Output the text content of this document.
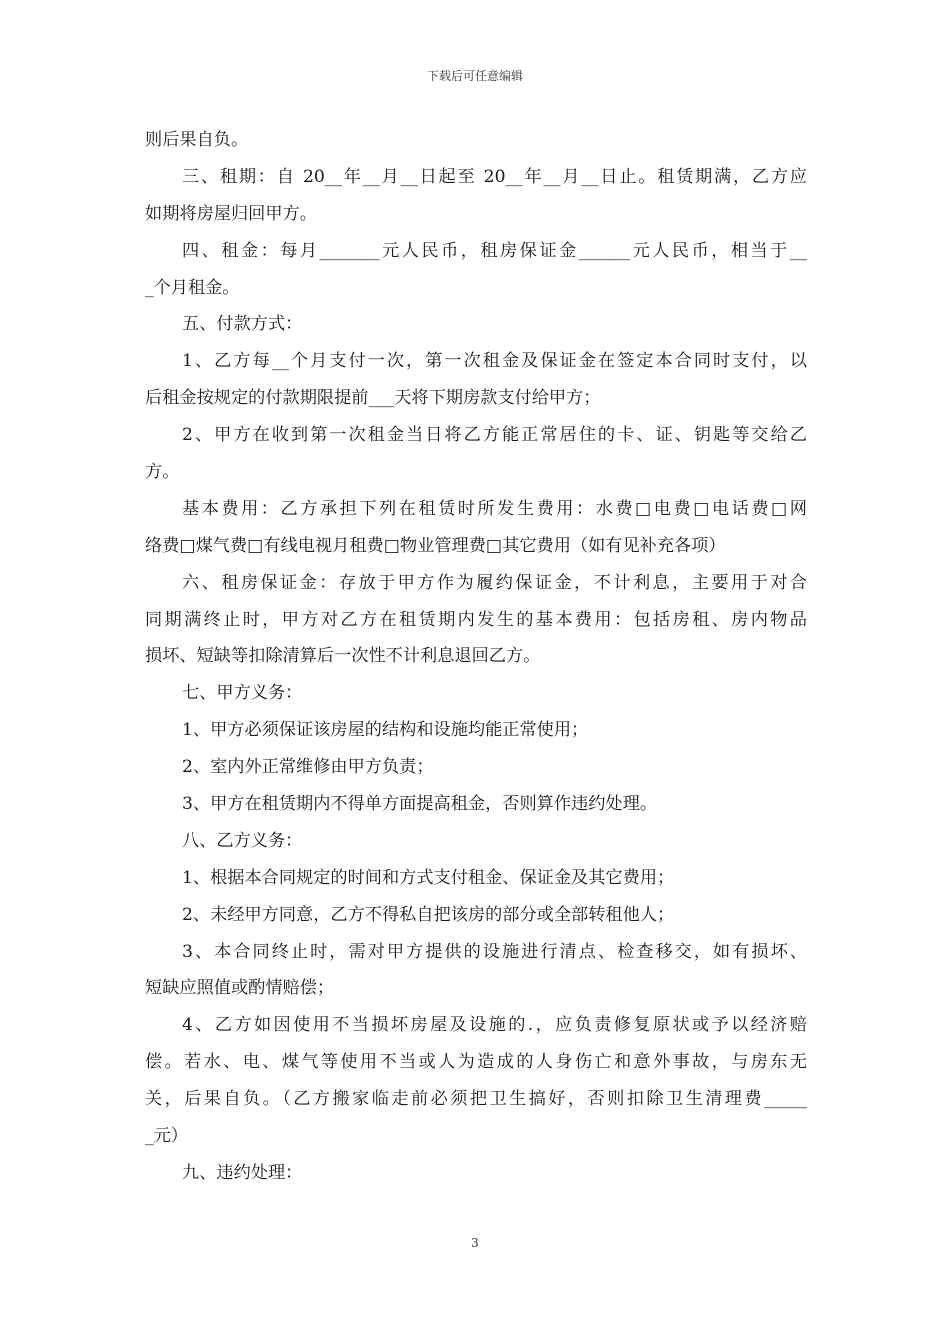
下载后可任意编辑
则后果自负。
三、租期：自 20__年__月__日起至 20__年__月__日止。租赁期满，乙方应
如期将房屋归回甲方。
四、租金：每月_______元人民币，租房保证金______元人民币，相当于__
_个月租金。
五、付款方式：
1、乙方每__个月支付一次，第一次租金及保证金在签定本合同时支付，以
后租金按规定的付款期限提前___天将下期房款支付给甲方；
2、甲方在收到第一次租金当日将乙方能正常居住的卡、证、钥匙等交给乙
方。
基本费用：乙方承担下列在租赁时所发生费用：水费□电费□电话费□网
络费□煤气费□有线电视月租费□物业管理费□其它费用（如有见补充各项）
六、租房保证金：存放于甲方作为履约保证金，不计利息，主要用于对合
同期满终止时，甲方对乙方在租赁期内发生的基本费用：包括房租、房内物品
损坏、短缺等扣除清算后一次性不计利息退回乙方。
七、甲方义务：
1、甲方必须保证该房屋的结构和设施均能正常使用；
2、室内外正常维修由甲方负责；
3、甲方在租赁期内不得单方面提高租金，否则算作违约处理。
八、乙方义务：
1、根据本合同规定的时间和方式支付租金、保证金及其它费用；
2、未经甲方同意，乙方不得私自把该房的部分或全部转租他人；
3、本合同终止时，需对甲方提供的设施进行清点、检查移交，如有损坏、
短缺应照值或酌情赔偿；
4、乙方如因使用不当损坏房屋及设施的.，应负责修复原状或予以经济赔
偿。若水、电、煤气等使用不当或人为造成的人身伤亡和意外事故，与房东无
关，后果自负。（乙方搬家临走前必须把卫生搞好，否则扣除卫生清理费_____
_元）
九、违约处理：
3
